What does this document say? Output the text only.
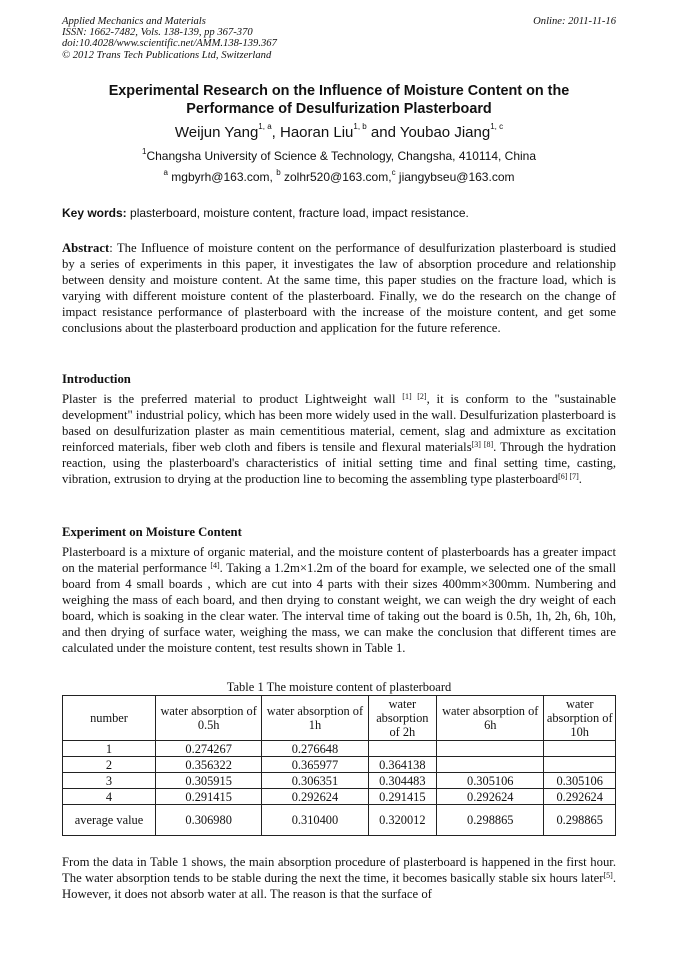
Applied Mechanics and Materials
ISSN: 1662-7482, Vols. 138-139, pp 367-370
doi:10.4028/www.scientific.net/AMM.138-139.367
© 2012 Trans Tech Publications Ltd, Switzerland
Online: 2011-11-16
Experimental Research on the Influence of Moisture Content on the
Performance of Desulfurization Plasterboard
Weijun Yang$^{1, a}$, Haoran Liu$^{1, b}$ and Youbao Jiang$^{1, c}$
$^1$Changsha University of Science & Technology, Changsha, 410114, China
$^a$ mgbyrh@163.com, $^b$ zolhr520@163.com,$^c$ jiangybseu@163.com
Key words: plasterboard, moisture content, fracture load, impact resistance.
Abstract: The Influence of moisture content on the performance of desulfurization plasterboard is studied by a series of experiments in this paper, it investigates the law of absorption procedure and relationship between density and moisture content. At the same time, this paper studies on the fracture load, which is varying with different moisture content of the plasterboard. Finally, we do the research on the change of impact resistance performance of plasterboard with the increase of the moisture content, and get some conclusions about the plasterboard production and application for the future reference.
Introduction
Plaster is the preferred material to product Lightweight wall [1] [2], it is conform to the "sustainable development" industrial policy, which has been more widely used in the wall. Desulfurization plasterboard is based on desulfurization plaster as main cementitious material, cement, slag and admixture as excitation reinforced materials, fiber web cloth and fibers is tensile and flexural materials[3] [8]. Through the hydration reaction, using the plasterboard's characteristics of initial setting time and final setting time, casting, vibration, extrusion to drying at the production line to becoming the assembling type plasterboard[6] [7].
Experiment on Moisture Content
Plasterboard is a mixture of organic material, and the moisture content of plasterboards has a greater impact on the material performance [4]. Taking a 1.2m×1.2m of the board for example, we selected one of the small board from 4 small boards , which are cut into 4 parts with their sizes 400mm×300mm. Numbering and weighing the mass of each board, and then drying to constant weight, we can weigh the dry weight of each board, which is soaking in the clear water. The interval time of taking out the board is 0.5h, 1h, 2h, 6h, 10h, and then drying of surface water, weighing the mass, we can make the conclusion that different times are calculated under the moisture content, test results shown in Table 1.
Table 1 The moisture content of plasterboard
number	water absorption of 0.5h	water absorption of 1h	water absorption of 2h	water absorption of 6h	water absorption of 10h
1	0.274267	0.276648			
2	0.356322	0.365977	0.364138		
3	0.305915	0.306351	0.304483	0.305106	0.305106
4	0.291415	0.292624	0.291415	0.292624	0.292624
average value	0.306980	0.310400	0.320012	0.298865	0.298865
From the data in Table 1 shows, the main absorption procedure of plasterboard is happened in the first hour. The water absorption tends to be stable during the next the time, it becomes basically stable six hours later[5]. However, it does not absorb water at all. The reason is that the surface of
